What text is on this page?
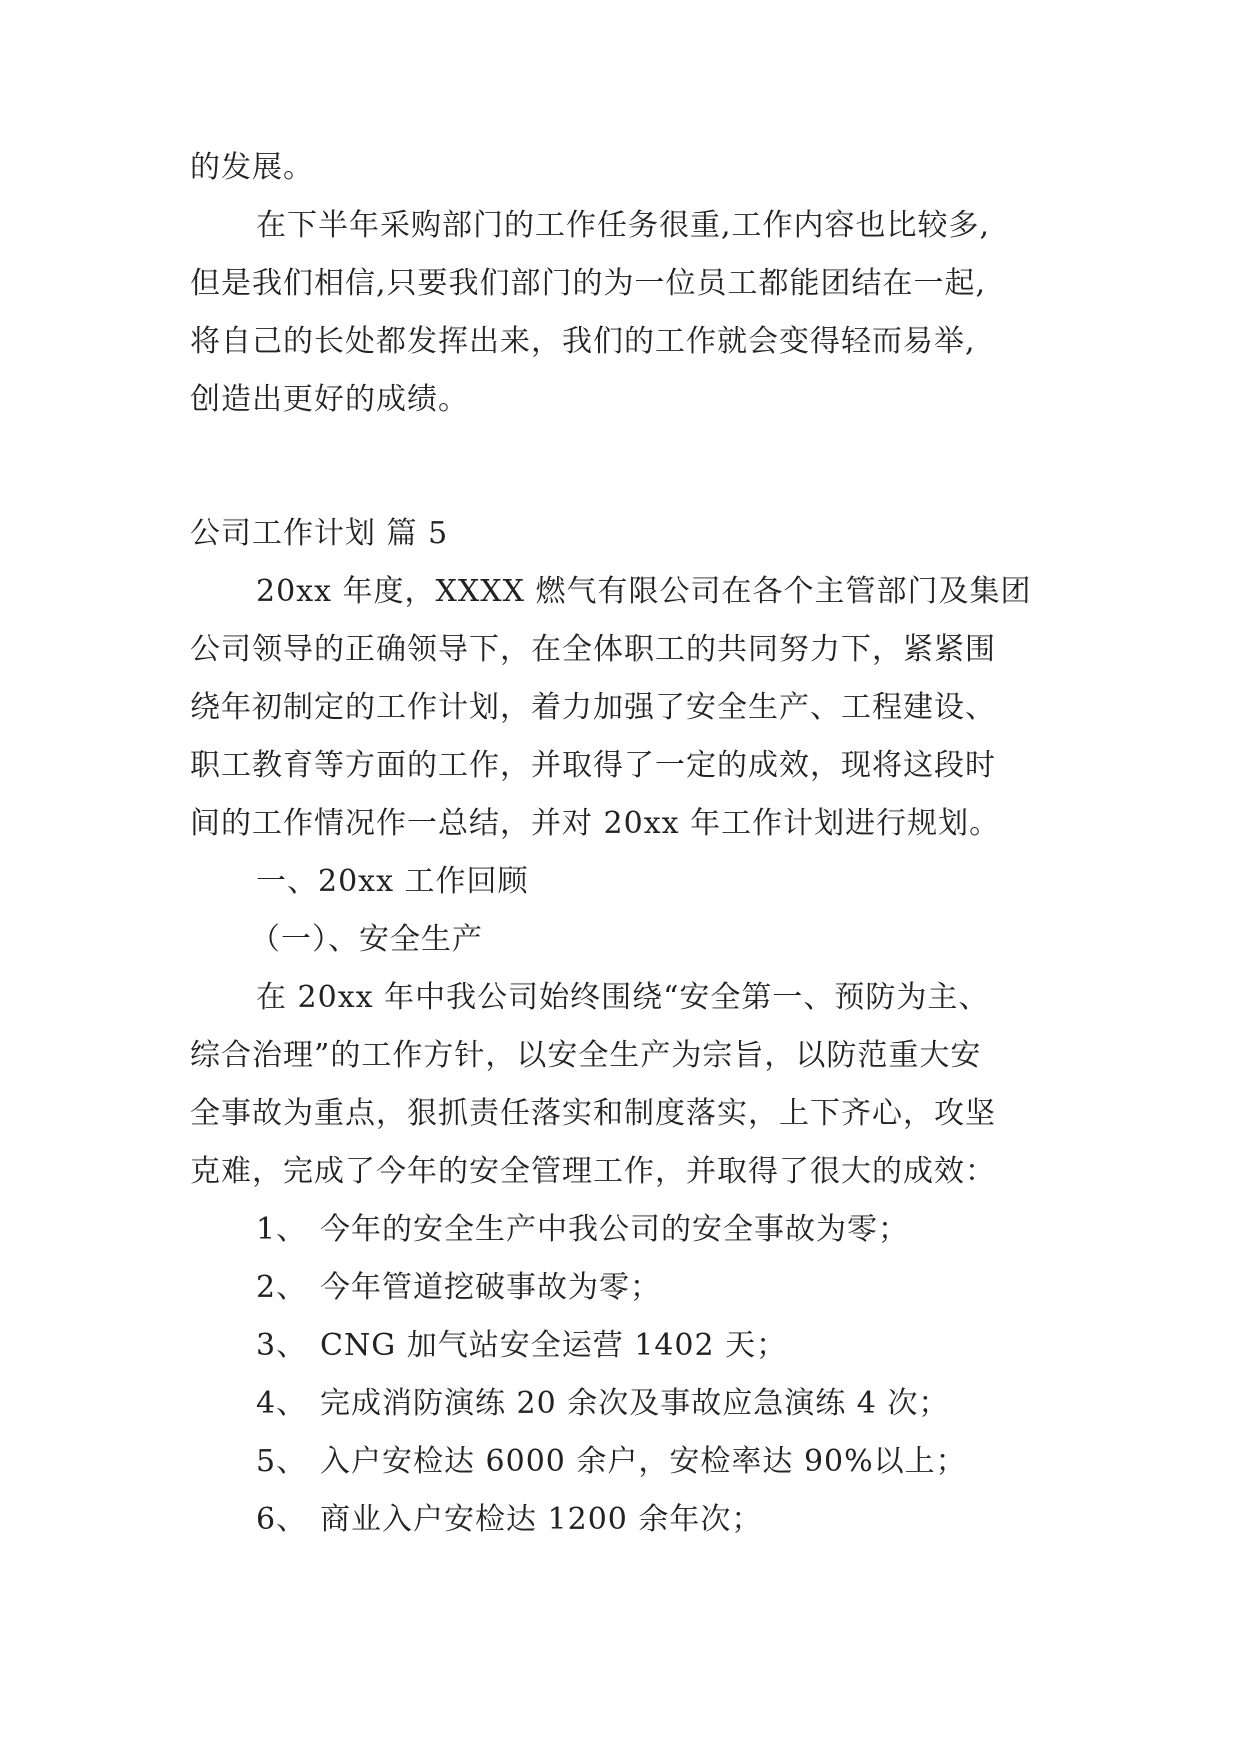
的发展。
在下半年采购部门的工作任务很重,工作内容也比较多,
但是我们相信,只要我们部门的为一位员工都能团结在一起,
将自己的长处都发挥出来，我们的工作就会变得轻而易举,
创造出更好的成绩。
公司工作计划 篇 5
20xx 年度，XXXX 燃气有限公司在各个主管部门及集团
公司领导的正确领导下，在全体职工的共同努力下，紧紧围
绕年初制定的工作计划，着力加强了安全生产、工程建设、
职工教育等方面的工作，并取得了一定的成效，现将这段时
间的工作情况作一总结，并对 20xx 年工作计划进行规划。
一、20xx 工作回顾
（一）、安全生产
在 20xx 年中我公司始终围绕“安全第一、预防为主、
综合治理”的工作方针，以安全生产为宗旨，以防范重大安
全事故为重点，狠抓责任落实和制度落实，上下齐心，攻坚
克难，完成了今年的安全管理工作，并取得了很大的成效：
1、 今年的安全生产中我公司的安全事故为零；
2、 今年管道挖破事故为零；
3、 CNG 加气站安全运营 1402 天；
4、 完成消防演练 20 余次及事故应急演练 4 次；
5、 入户安检达 6000 余户，安检率达 90%以上；
6、 商业入户安检达 1200 余年次；
